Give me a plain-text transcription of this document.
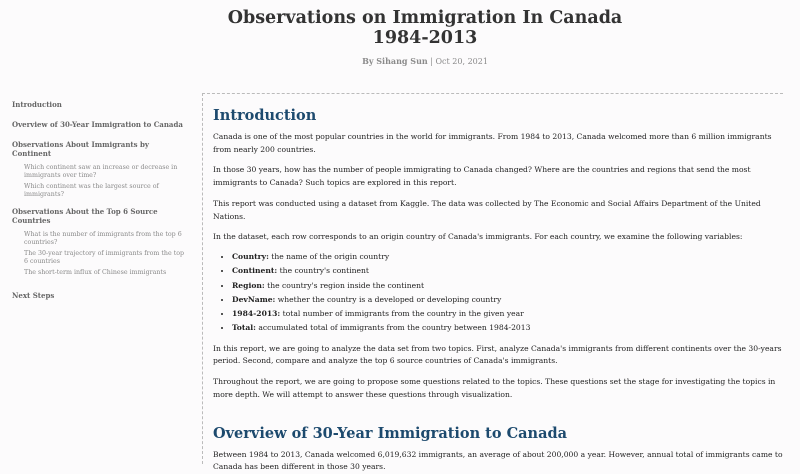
Observations on Immigration In Canada
1984-2013
By Sihang Sun | Oct 20, 2021
Introduction
Overview of 30-Year Immigration to Canada
Observations About Immigrants by Continent
Which continent saw an increase or decrease in immigrants over time?
Which continent was the largest source of immigrants?
Observations About the Top 6 Source Countries
What is the number of immigrants from the top 6 countries?
The 30-year trajectory of immigrants from the top 6 countries
The short-term influx of Chinese immigrants
Next Steps
Introduction

Canada is one of the most popular countries in the world for immigrants. From 1984 to 2013, Canada welcomed more than 6 million immigrants from nearly 200 countries.

In those 30 years, how has the number of people immigrating to Canada changed? Where are the countries and regions that send the most immigrants to Canada? Such topics are explored in this report.

This report was conducted using a dataset from Kaggle. The data was collected by The Economic and Social Affairs Department of the United Nations.

In the dataset, each row corresponds to an origin country of Canada's immigrants. For each country, we examine the following variables:

• Country: the name of the origin country
• Continent: the country's continent
• Region: the country's region inside the continent
• DevName: whether the country is a developed or developing country
• 1984-2013: total number of immigrants from the country in the given year
• Total: accumulated total of immigrants from the country between 1984-2013

In this report, we are going to analyze the data set from two topics. First, analyze Canada's immigrants from different continents over the 30-years period. Second, compare and analyze the top 6 source countries of Canada's immigrants.

Throughout the report, we are going to propose some questions related to the topics. These questions set the stage for investigating the topics in more depth. We will attempt to answer these questions through visualization.

Overview of 30-Year Immigration to Canada

Between 1984 to 2013, Canada welcomed 6,019,632 immigrants, an average of about 200,000 a year. However, annual total of immigrants came to Canada has been different in those 30 years.
